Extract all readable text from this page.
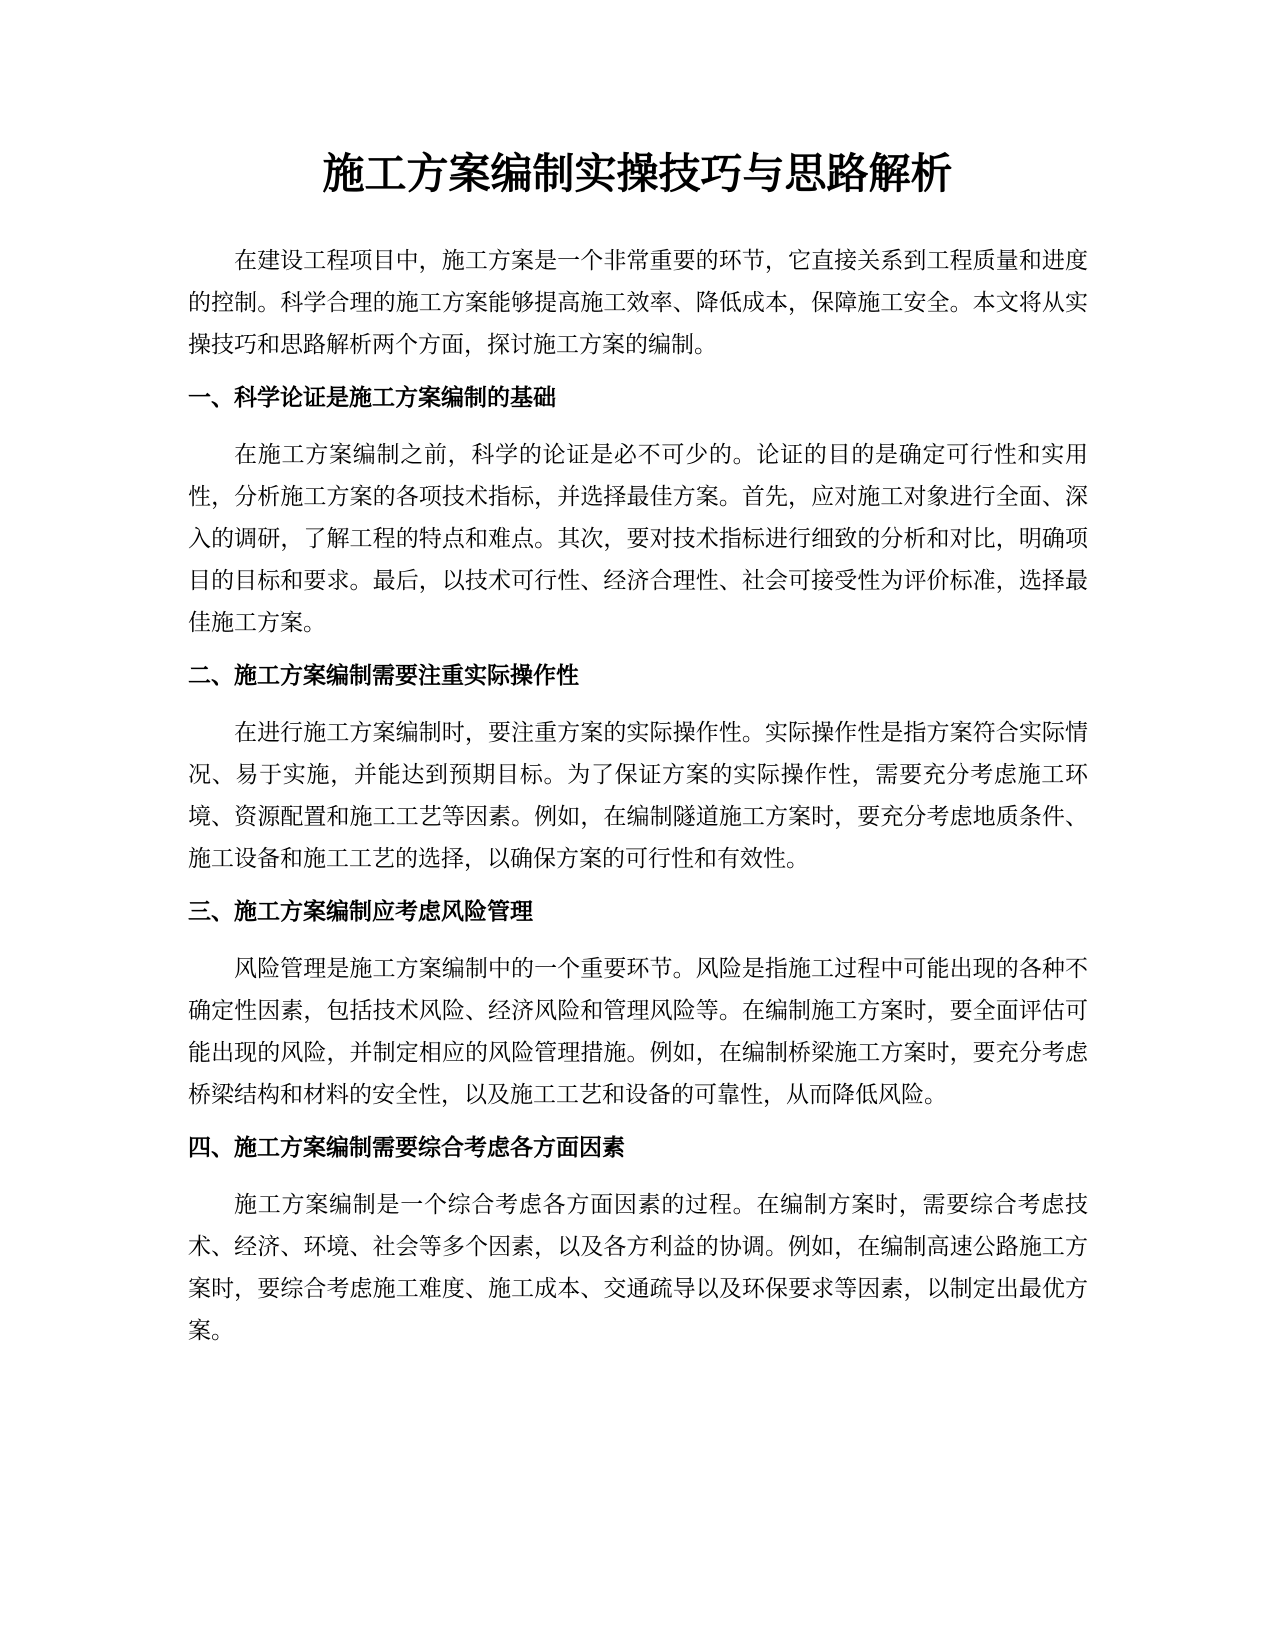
施工方案编制实操技巧与思路解析

在建设工程项目中，施工方案是一个非常重要的环节，它直接关系到工程质量和进度的控制。科学合理的施工方案能够提高施工效率、降低成本，保障施工安全。本文将从实操技巧和思路解析两个方面，探讨施工方案的编制。

一、科学论证是施工方案编制的基础

在施工方案编制之前，科学的论证是必不可少的。论证的目的是确定可行性和实用性，分析施工方案的各项技术指标，并选择最佳方案。首先，应对施工对象进行全面、深入的调研，了解工程的特点和难点。其次，要对技术指标进行细致的分析和对比，明确项目的目标和要求。最后，以技术可行性、经济合理性、社会可接受性为评价标准，选择最佳施工方案。

二、施工方案编制需要注重实际操作性

在进行施工方案编制时，要注重方案的实际操作性。实际操作性是指方案符合实际情况、易于实施，并能达到预期目标。为了保证方案的实际操作性，需要充分考虑施工环境、资源配置和施工工艺等因素。例如，在编制隧道施工方案时，要充分考虑地质条件、施工设备和施工工艺的选择，以确保方案的可行性和有效性。

三、施工方案编制应考虑风险管理

风险管理是施工方案编制中的一个重要环节。风险是指施工过程中可能出现的各种不确定性因素，包括技术风险、经济风险和管理风险等。在编制施工方案时，要全面评估可能出现的风险，并制定相应的风险管理措施。例如，在编制桥梁施工方案时，要充分考虑桥梁结构和材料的安全性，以及施工工艺和设备的可靠性，从而降低风险。

四、施工方案编制需要综合考虑各方面因素

施工方案编制是一个综合考虑各方面因素的过程。在编制方案时，需要综合考虑技术、经济、环境、社会等多个因素，以及各方利益的协调。例如，在编制高速公路施工方案时，要综合考虑施工难度、施工成本、交通疏导以及环保要求等因素，以制定出最优方案。
